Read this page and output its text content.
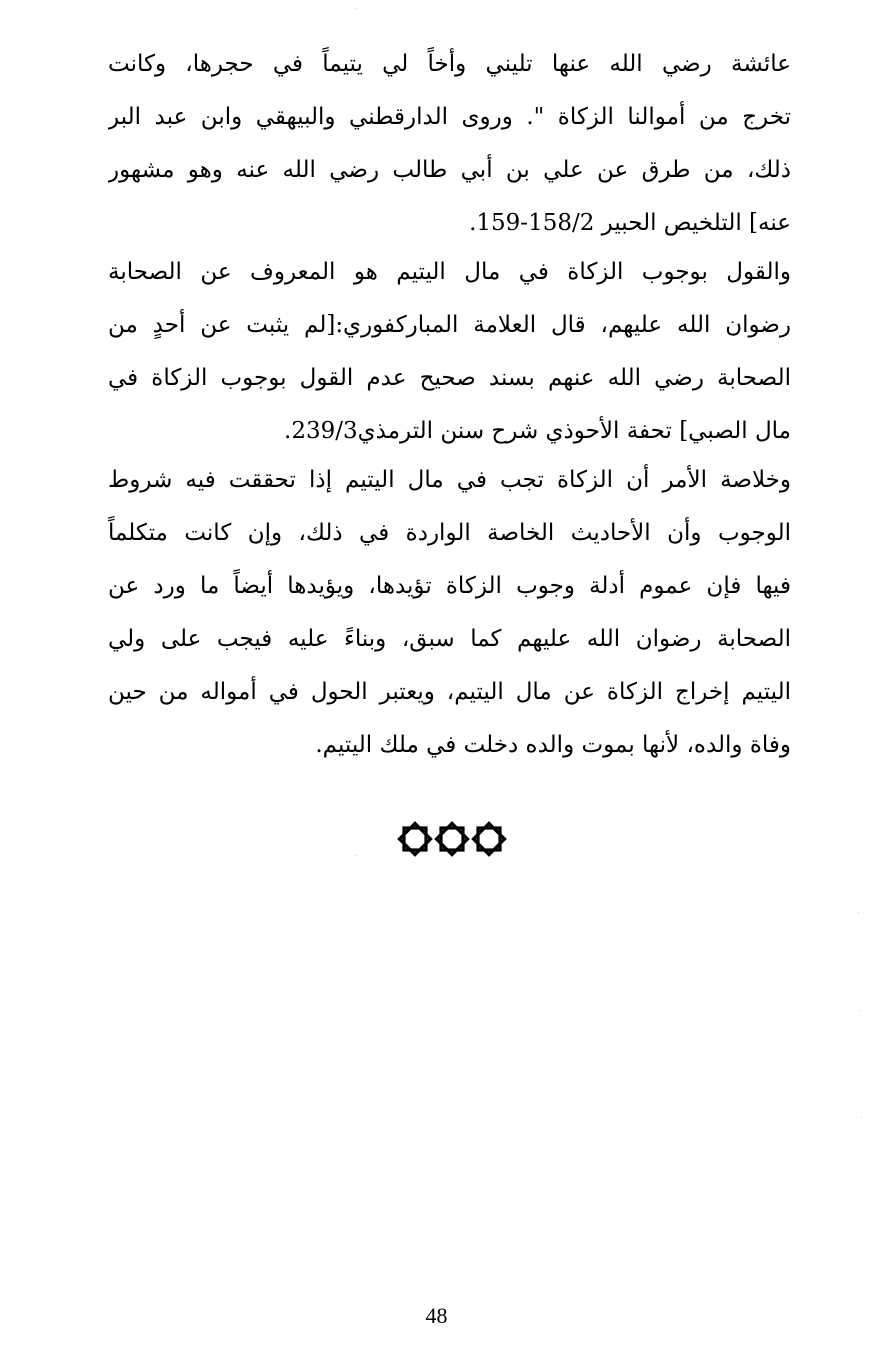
عائشة رضي الله عنها تليني وأخاً لي يتيماً في حجرها، وكانت
تخرج من أموالنا الزكاة ". وروى الدارقطني والبيهقي وابن عبد البر
ذلك، من طرق عن علي بن أبي طالب رضي الله عنه وهو مشهور
عنه] التلخيص الحبير 158/2-159.
والقول بوجوب الزكاة في مال اليتيم هو المعروف عن الصحابة
رضوان الله عليهم، قال العلامة المباركفوري:[لم يثبت عن أحدٍ من
الصحابة رضي الله عنهم بسند صحيح عدم القول بوجوب الزكاة في
مال الصبي] تحفة الأحوذي شرح سنن الترمذي239/3.
وخلاصة الأمر أن الزكاة تجب في مال اليتيم إذا تحققت فيه شروط
الوجوب وأن الأحاديث الخاصة الواردة في ذلك، وإن كانت متكلماً
فيها فإن عموم أدلة وجوب الزكاة تؤيدها، ويؤيدها أيضاً ما ورد عن
الصحابة رضوان الله عليهم كما سبق، وبناءً عليه فيجب على ولي
اليتيم إخراج الزكاة عن مال اليتيم، ويعتبر الحول في أمواله من حين
وفاة والده، لأنها بموت والده دخلت في ملك اليتيم.
48
